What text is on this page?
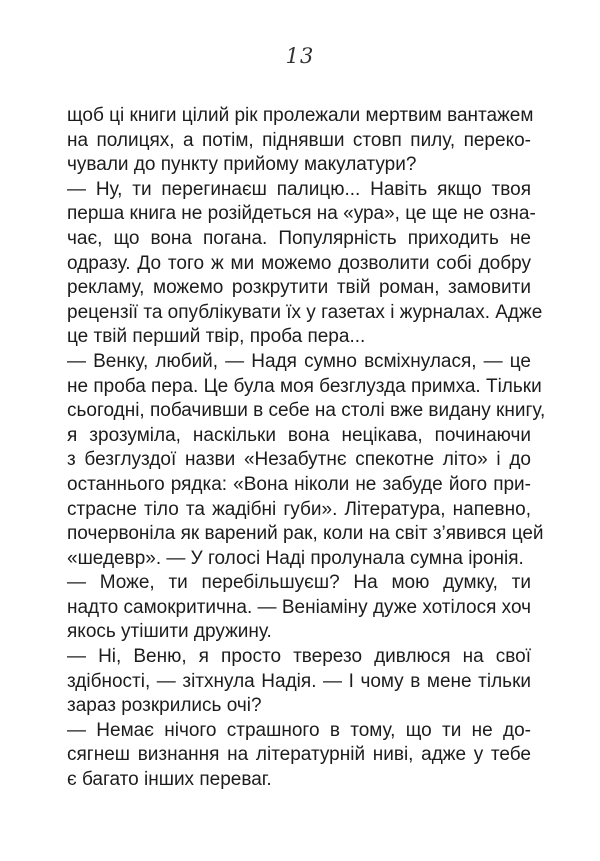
13
щоб ці книги цілий рік пролежали мертвим вантажем
на полицях, а потім, піднявши стовп пилу, переко-
чували до пункту прийому макулатури?
— Ну, ти перегинаєш палицю... Навіть якщо твоя
перша книга не розійдеться на «ура», це ще не озна-
чає, що вона погана. Популярність приходить не
одразу. До того ж ми можемо дозволити собі добру
рекламу, можемо розкрутити твій роман, замовити
рецензії та опублікувати їх у газетах і журналах. Адже
це твій перший твір, проба пера...
— Венку, любий, — Надя сумно всміхнулася, — це
не проба пера. Це була моя безглузда примха. Тільки
сьогодні, побачивши в себе на столі вже видану книгу,
я зрозуміла, наскільки вона нецікава, починаючи
з безглуздої назви «Незабутнє спекотне літо» і до
останнього рядка: «Вона ніколи не забуде його при-
страсне тіло та жадібні губи». Література, напевно,
почервоніла як варений рак, коли на світ з’явився цей
«шедевр». — У голосі Наді пролунала сумна іронія.
— Може, ти перебільшуєш? На мою думку, ти
надто самокритична. — Веніаміну дуже хотілося хоч
якось утішити дружину.
— Ні, Веню, я просто тверезо дивлюся на свої
здібності, — зітхнула Надія. — І чому в мене тільки
зараз розкрились очі?
— Немає нічого страшного в тому, що ти не до-
сягнеш визнання на літературній ниві, адже у тебе
є багато інших переваг.
